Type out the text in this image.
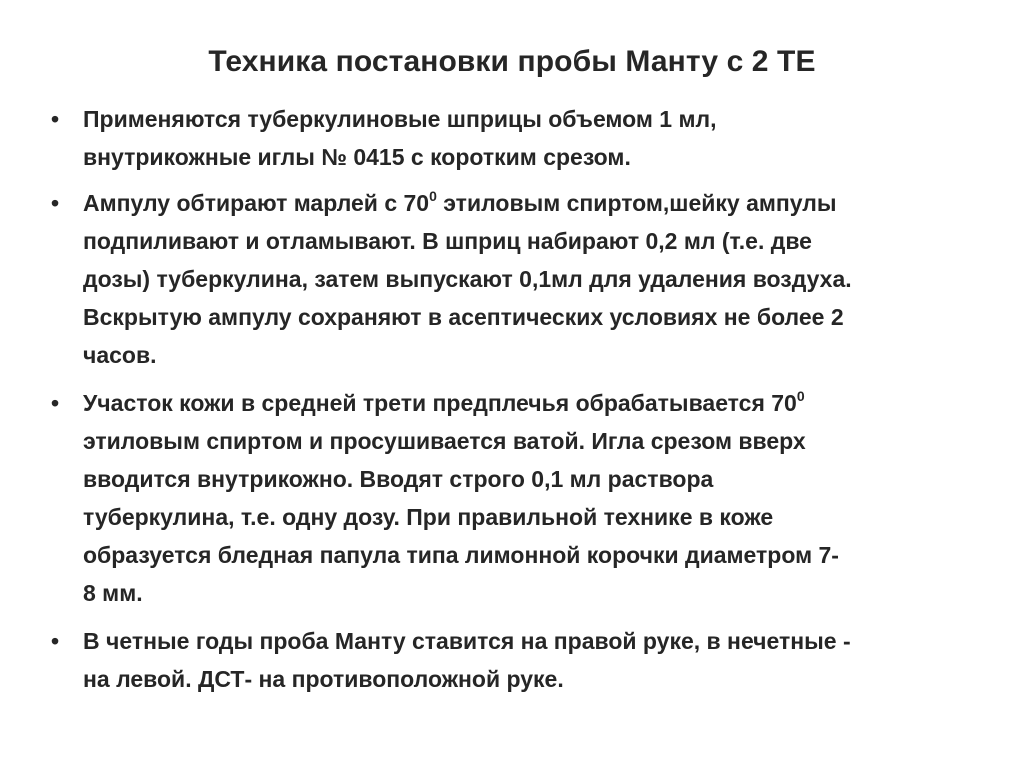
Техника постановки пробы Манту с 2 ТЕ
• Применяются туберкулиновые шприцы объемом 1 мл,
внутрикожные иглы № 0415 с коротким срезом.
• Ампулу обтирают марлей с $70^0$ этиловым спиртом,шейку ампулы
подпиливают и отламывают. В шприц набирают 0,2 мл (т.е. две
дозы) туберкулина, затем выпускают 0,1мл для удаления воздуха.
Вскрытую ампулу сохраняют в асептических условиях не более 2
часов.
• Участок кожи в средней трети предплечья обрабатывается $70^0$
этиловым спиртом и просушивается ватой. Игла срезом вверх
вводится внутрикожно. Вводят строго 0,1 мл раствора
туберкулина, т.е. одну дозу. При правильной технике в коже
образуется бледная папула типа лимонной корочки диаметром 7-
8 мм.
• В четные годы проба Манту ставится на правой руке, в нечетные -
на левой. ДСТ- на противоположной руке.
